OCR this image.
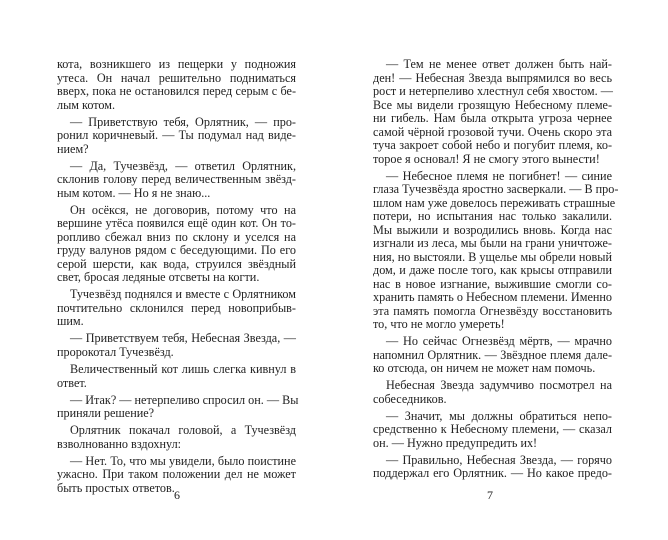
кота, возникшего из пещерки у подножия
утеса. Он начал решительно подниматься
вверх, пока не остановился перед серым с бе-
лым котом.
— Приветствую тебя, Орлятник, — про-
ронил коричневый. — Ты подумал над виде-
нием?
— Да, Тучезвёзд, — ответил Орлятник,
склонив голову перед величественным звёзд-
ным котом. — Но я не знаю...
Он осёкся, не договорив, потому что на
вершине утёса появился ещё один кот. Он то-
ропливо сбежал вниз по склону и уселся на
груду валунов рядом с беседующими. По его
серой шерсти, как вода, струился звёздный
свет, бросая ледяные отсветы на когти.
Тучезвёзд поднялся и вместе с Орлятником
почтительно склонился перед новоприбыв-
шим.
— Приветствуем тебя, Небесная Звезда, —
пророкотал Тучезвёзд.
Величественный кот лишь слегка кивнул в
ответ.
— Итак? — нетерпеливо спросил он. — Вы
приняли решение?
Орлятник покачал головой, а Тучезвёзд
взволнованно вздохнул:
— Нет. То, что мы увидели, было поистине
ужасно. При таком положении дел не может
быть простых ответов.
— Тем не менее ответ должен быть най-
ден! — Небесная Звезда выпрямился во весь
рост и нетерпеливо хлестнул себя хвостом. —
Все мы видели грозящую Небесному племе-
ни гибель. Нам была открыта угроза чернее
самой чёрной грозовой тучи. Очень скоро эта
туча закроет собой небо и погубит племя, ко-
торое я основал! Я не смогу этого вынести!
— Небесное племя не погибнет! — синие
глаза Тучезвёзда яростно засверкали. — В про-
шлом нам уже довелось переживать страшные
потери, но испытания нас только закалили.
Мы выжили и возродились вновь. Когда нас
изгнали из леса, мы были на грани уничтоже-
ния, но выстояли. В ущелье мы обрели новый
дом, и даже после того, как крысы отправили
нас в новое изгнание, выжившие смогли со-
хранить память о Небесном племени. Именно
эта память помогла Огнезвёзду восстановить
то, что не могло умереть!
— Но сейчас Огнезвёзд мёртв, — мрачно
напомнил Орлятник. — Звёздное племя дале-
ко отсюда, он ничем не может нам помочь.
Небесная Звезда задумчиво посмотрел на
собеседников.
— Значит, мы должны обратиться непо-
средственно к Небесному племени, — сказал
он. — Нужно предупредить их!
— Правильно, Небесная Звезда, — горячо
поддержал его Орлятник. — Но какое предо-
6	7
